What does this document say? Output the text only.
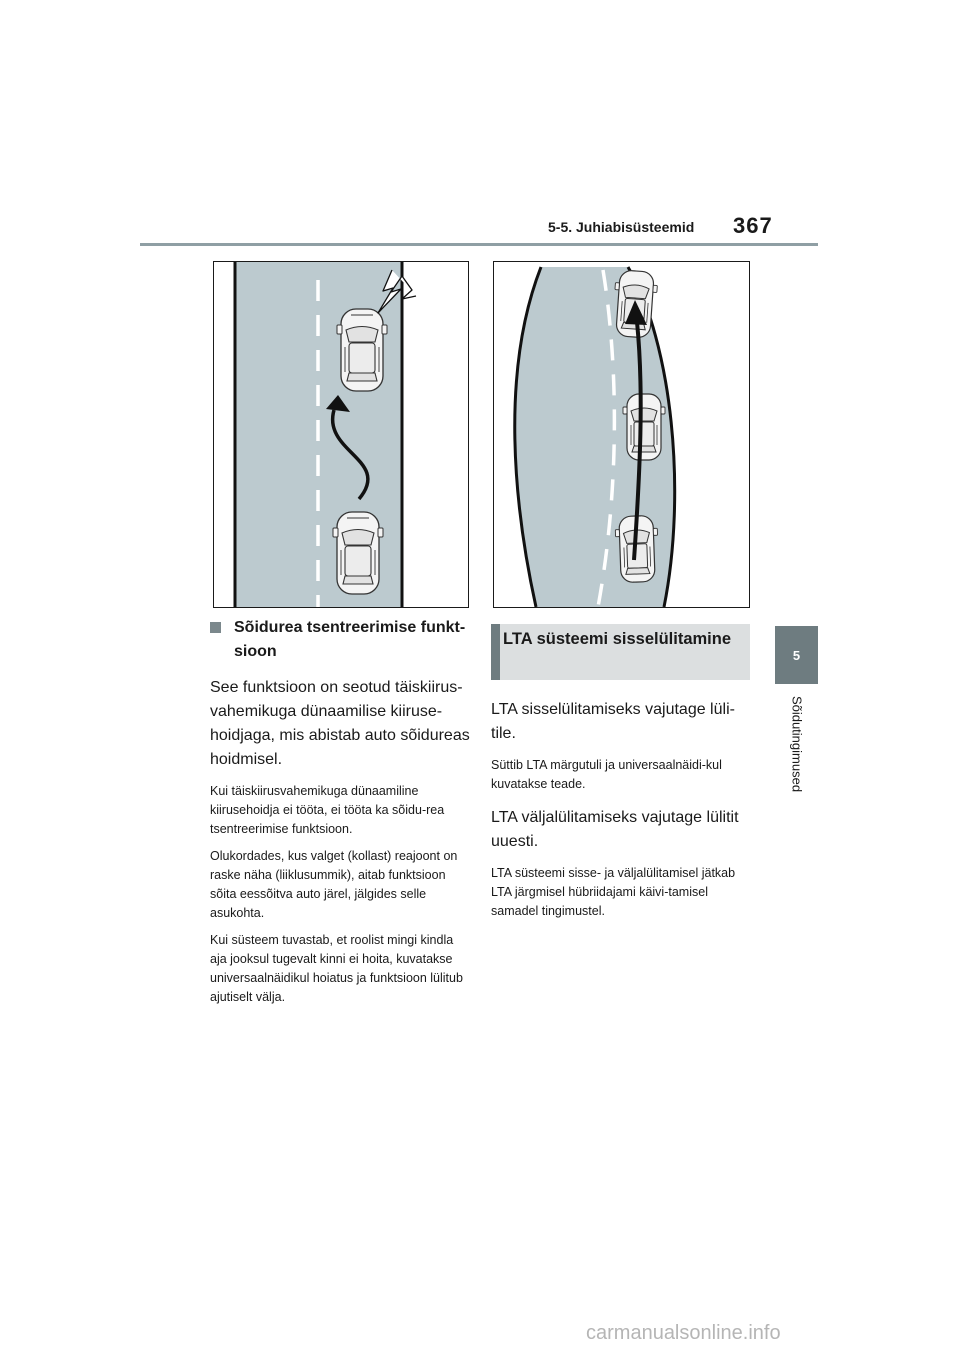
5-5. Juhiabisüsteemid 367
5
Sõidutingimused
Sõidurea tsentreerimise funkt-sioon

See funktsioon on seotud täiskiirus-vahemikuga dünaamilise kiiruse-hoidjaga, mis abistab auto sõidureas hoidmisel.

Kui täiskiirusvahemikuga dünaamiline kiirusehoidja ei tööta, ei tööta ka sõidu-rea tsentreerimise funktsioon.

Olukordades, kus valget (kollast) reajoont on raske näha (liiklusummik), aitab funktsioon sõita eessõitva auto järel, jälgides selle asukohta.

Kui süsteem tuvastab, et roolist mingi kindla aja jooksul tugevalt kinni ei hoita, kuvatakse universaalnäidikul hoiatus ja funktsioon lülitub ajutiselt välja.

LTA süsteemi sisselülitamine

LTA sisselülitamiseks vajutage lüli-tile.

Süttib LTA märgutuli ja universaalnäidi-kul kuvatakse teade.

LTA väljalülitamiseks vajutage lülitit uuesti.

LTA süsteemi sisse- ja väljalülitamisel jätkab LTA järgmisel hübriidajami käivi-tamisel samadel tingimustel.

carmanualsonline.info
